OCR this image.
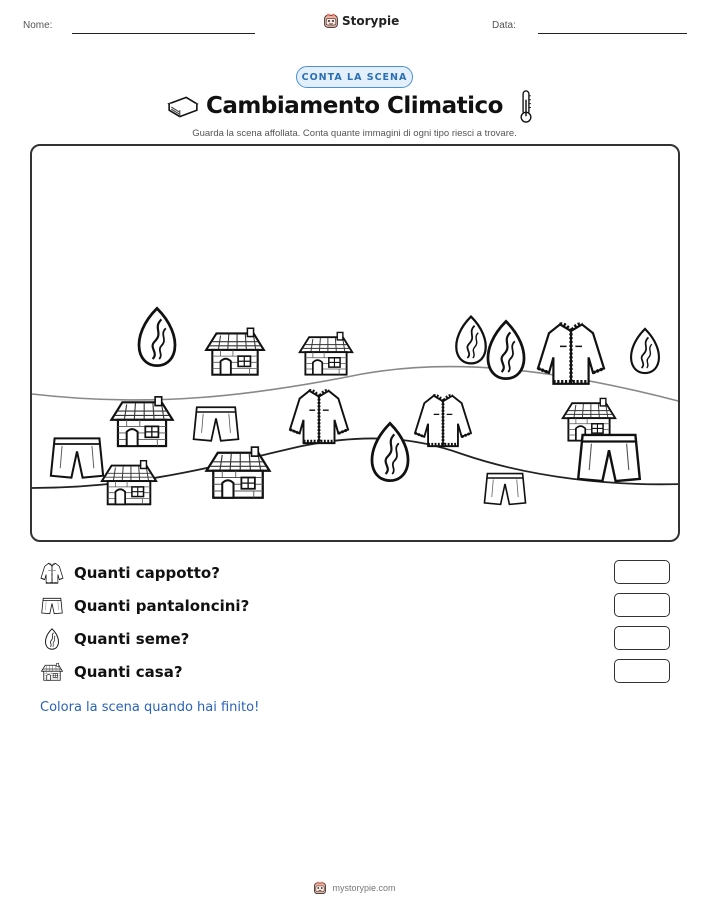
Nome:	Storypie	Data:
CONTA LA SCENA
Cambiamento Climatico
Guarda la scena affollata. Conta quante immagini di ogni tipo riesci a trovare.
Quanti cappotto?
Quanti pantaloncini?
Quanti seme?
Quanti casa?
Colora la scena quando hai finito!
mystorypie.com
